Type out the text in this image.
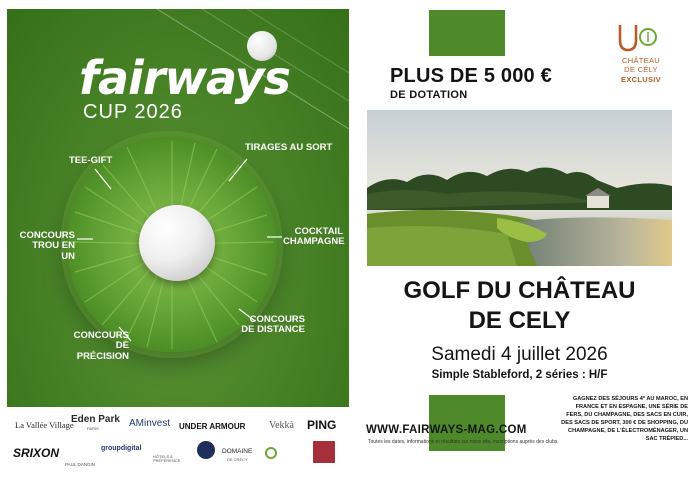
fairways
CUP 2026
TEE-GIFT
TIRAGES AU SORT
CONCOURS
TROU EN UN
COCKTAIL
CHAMPAGNE
CONCOURS
DE DISTANCE
CONCOURS
DE PRÉCISION
La Vallée Village
Eden Park
PARIS	AMinvest UNDER ARMOUR Vekkà PING
SRIXON
PAUL DANGIN
groupdigital
HÔTELS & PRÉFÉRENCE
DOMAINE
DE CRÉCY
CHÂTEAU
DE CÉLY
EXCLUSIV
PLUS DE 5 000 €
DE DOTATION
GOLF DU CHÂTEAU
DE CELY
Samedi 4 juillet 2026
Simple Stableford, 2 séries : H/F
WWW.FAIRWAYS-MAG.COM
Toutes les dates, informations et résultats sur notre site, inscriptions auprès des clubs.
GAGNEZ DES SÉJOURS 4* AU MAROC, EN FRANCE ET EN ESPAGNE, UNE SÉRIE DE FERS, DU CHAMPAGNE, DES SACS EN CUIR, DES SACS DE SPORT, 300 € DE SHOPPING, DU CHAMPAGNE, DE L'ÉLECTROMÉNAGER, UN SAC TRÉPIED...
